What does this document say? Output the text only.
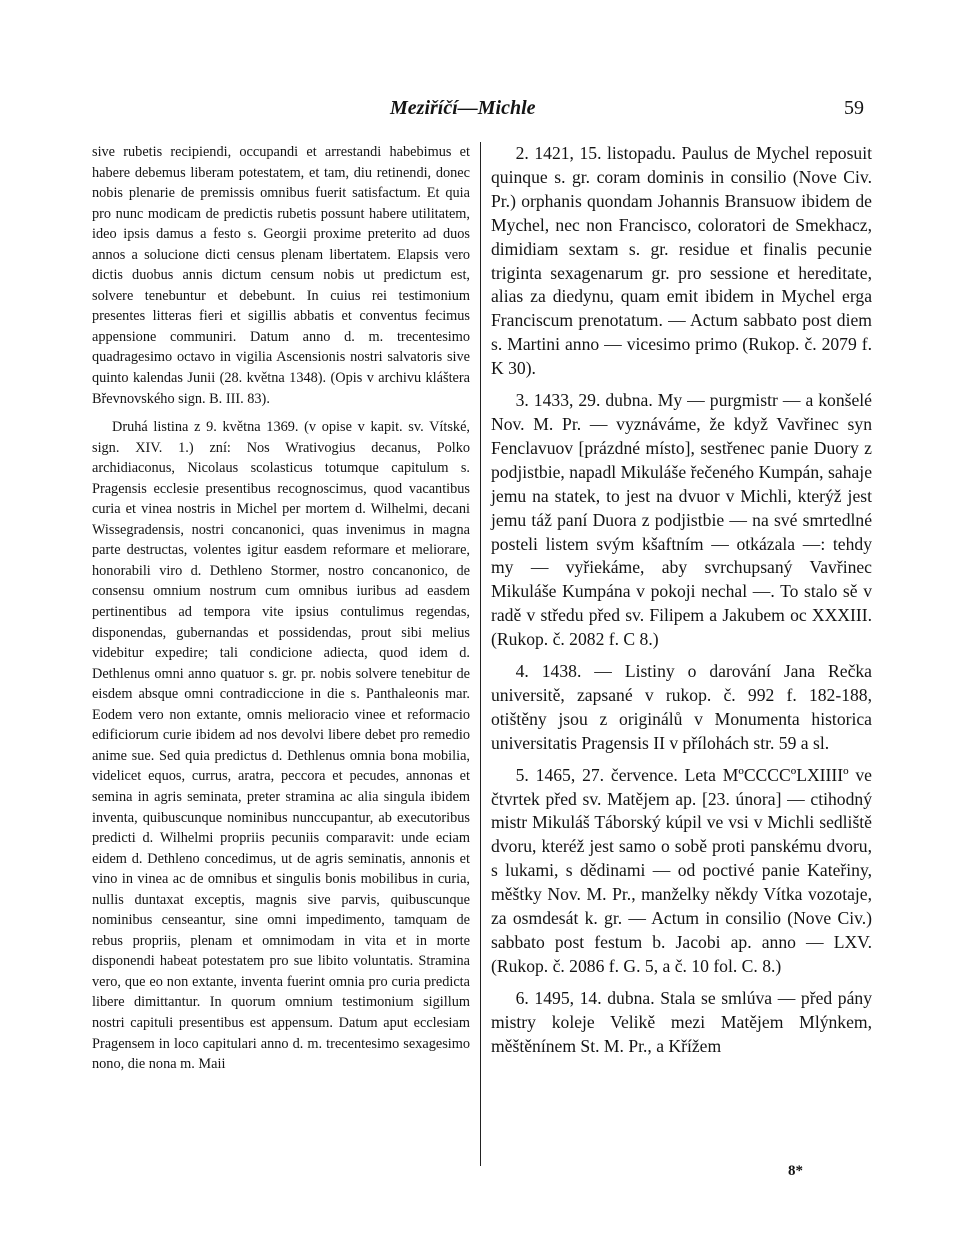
Meziříčí—Michle	59

sive rubetis recipiendi, occupandi et arrestandi habebimus et habere debemus liberam potestatem, et tam, diu retinendi, donec nobis plenarie de premissis omnibus fuerit satisfactum. Et quia pro nunc modicam de predictis rubetis possunt habere utilitatem, ideo ipsis damus a festo s. Georgii proxime preterito ad duos annos a solucione dicti census plenam libertatem. Elapsis vero dictis duobus annis dictum censum nobis ut predictum est, solvere tenebuntur et debebunt. In cuius rei testimonium presentes litteras fieri et sigillis abbatis et conventus fecimus appensione communiri. Datum anno d. m. trecentesimo quadragesimo octavo in vigilia Ascensionis nostri salvatoris sive quinto kalendas Junii (28. května 1348). (Opis v archivu kláštera Břevnovského sign. B. III. 83).

Druhá listina z 9. května 1369. (v opise v kapit. sv. Vítské, sign. XIV. 1.) zní: Nos Wrativogius decanus, Polko archidiaconus, Nicolaus scolasticus totumque capitulum s. Pragensis ecclesie presentibus recognoscimus, quod vacantibus curia et vinea nostris in Michel per mortem d. Wilhelmi, decani Wissegradensis, nostri concanonici, quas invenimus in magna parte destructas, volentes igitur easdem reformare et meliorare, honorabili viro d. Dethleno Stormer, nostro concanonico, de consensu omnium nostrum cum omnibus iuribus ad easdem pertinentibus ad tempora vite ipsius contulimus regendas, disponendas, gubernandas et possidendas, prout sibi melius videbitur expedire; tali condicione adiecta, quod idem d. Dethlenus omni anno quatuor s. gr. pr. nobis solvere tenebitur de eisdem absque omni contradiccione in die s. Panthaleonis mar. Eodem vero non extante, omnis melioracio vinee et reformacio edificiorum curie ibidem ad nos devolvi libere debet pro remedio anime sue. Sed quia predictus d. Dethlenus omnia bona mobilia, videlicet equos, currus, aratra, peccora et pecudes, annonas et semina in agris seminata, preter stramina ac alia singula ibidem inventa, quibuscunque nominibus nunccupantur, ab executoribus predicti d. Wilhelmi propriis pecuniis comparavit: unde eciam eidem d. Dethleno concedimus, ut de agris seminatis, annonis et vino in vinea ac de omnibus et singulis bonis mobilibus in curia, nullis duntaxat exceptis, magnis sive parvis, quibuscunque nominibus censeantur, sine omni impedimento, tamquam de rebus propriis, plenam et omnimodam in vita et in morte disponendi habeat potestatem pro sue libito voluntatis. Stramina vero, que eo non extante, inventa fuerint omnia pro curia predicta libere dimittantur. In quorum omnium testimonium sigillum nostri capituli presentibus est appensum. Datum aput ecclesiam Pragensem in loco capitulari anno d. m. trecentesimo sexagesimo nono, die nona m. Maii

2. 1421, 15. listopadu. Paulus de Mychel reposuit quinque s. gr. coram dominis in consilio (Nove Civ. Pr.) orphanis quondam Johannis Bransuow ibidem de Mychel, nec non Francisco, coloratori de Smekhacz, dimidiam sextam s. gr. residue et finalis pecunie triginta sexagenarum gr. pro sessione et hereditate, alias za diedynu, quam emit ibidem in Mychel erga Franciscum prenotatum. — Actum sabbato post diem s. Martini anno — vicesimo primo (Rukop. č. 2079 f. K 30).

3. 1433, 29. dubna. My — purgmistr — a konšelé Nov. M. Pr. — vyznáváme, že když Vavřinec syn Fenclavuov [prázdné místo], sestřenec panie Duory z podjistbie, napadl Mikuláše řečeného Kumpán, sahaje jemu na statek, to jest na dvuor v Michli, kterýž jest jemu táž paní Duora z podjistbie — na své smrtedlné posteli listem svým kšaftním — otkázala —: tehdy my — vyřiekáme, aby svrchupsaný Vavřinec Mikuláše Kumpána v pokoji nechal —. To stalo sě v radě v středu před sv. Filipem a Jakubem oc XXXIII. (Rukop. č. 2082 f. C 8.)

4. 1438. — Listiny o darování Jana Rečka universitě, zapsané v rukop. č. 992 f. 182-188, otištěny jsou z originálů v Monumenta historica universitatis Pragensis II v přílohách str. 59 a sl.

5. 1465, 27. července. Leta MºCCCCºLXIIIIº ve čtvrtek před sv. Matějem ap. [23. února] — ctihodný mistr Mikuláš Táborský kúpil ve vsi v Michli sedliště dvoru, kteréž jest samo o sobě proti panskému dvoru, s lukami, s dědinami — od poctivé panie Kateřiny, měštky Nov. M. Pr., manželky někdy Vítka vozotaje, za osmdesát k. gr. — Actum in consilio (Nove Civ.) sabbato post festum b. Jacobi ap. anno — LXV. (Rukop. č. 2086 f. G. 5, a č. 10 fol. C. 8.)

6. 1495, 14. dubna. Stala se smlúva — před pány mistry koleje Velikě mezi Matějem Mlýnkem, měštěnínem St. M. Pr., a Křížem

8*
